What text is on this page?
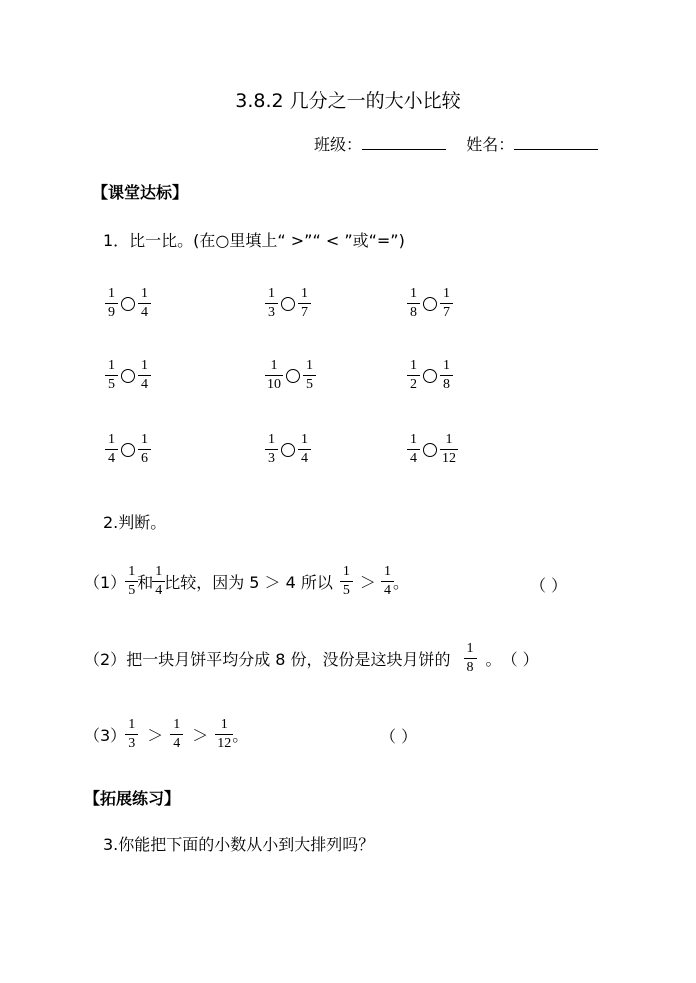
3.8.2 几分之一的大小比较
班级：	姓名：
【课堂达标】
1．比一比。(在○里填上“ >”“ < ”或“=”)
$\frac{1}{9} \frac{1}{4}$	$\frac{1}{3} \frac{1}{7}$	$\frac{1}{8} \frac{1}{7}$
$\frac{1}{5} \frac{1}{4}$	$\frac{1}{10} \frac{1}{5}$	$\frac{1}{2} \frac{1}{8}$
$\frac{1}{4} \frac{1}{6}$	$\frac{1}{3} \frac{1}{4}$	$\frac{1}{4} \frac{1}{12}$
2.判断。
$(1) \frac{1}{5}$ 和 $\frac{1}{4}$ 比较，因为 5 ＞ 4 所以 $\frac{1}{5} > \frac{1}{4}$ 。	（ ）
（2） 把一块月饼平均分成 8 份，没份是这块月饼的 $\frac{1}{8}$ 。 （ ）
$(3) \frac{1}{3} > \frac{1}{4} > \frac{1}{12}$ 。	（ ）
【拓展练习】
3.你能把下面的小数从小到大排列吗？
